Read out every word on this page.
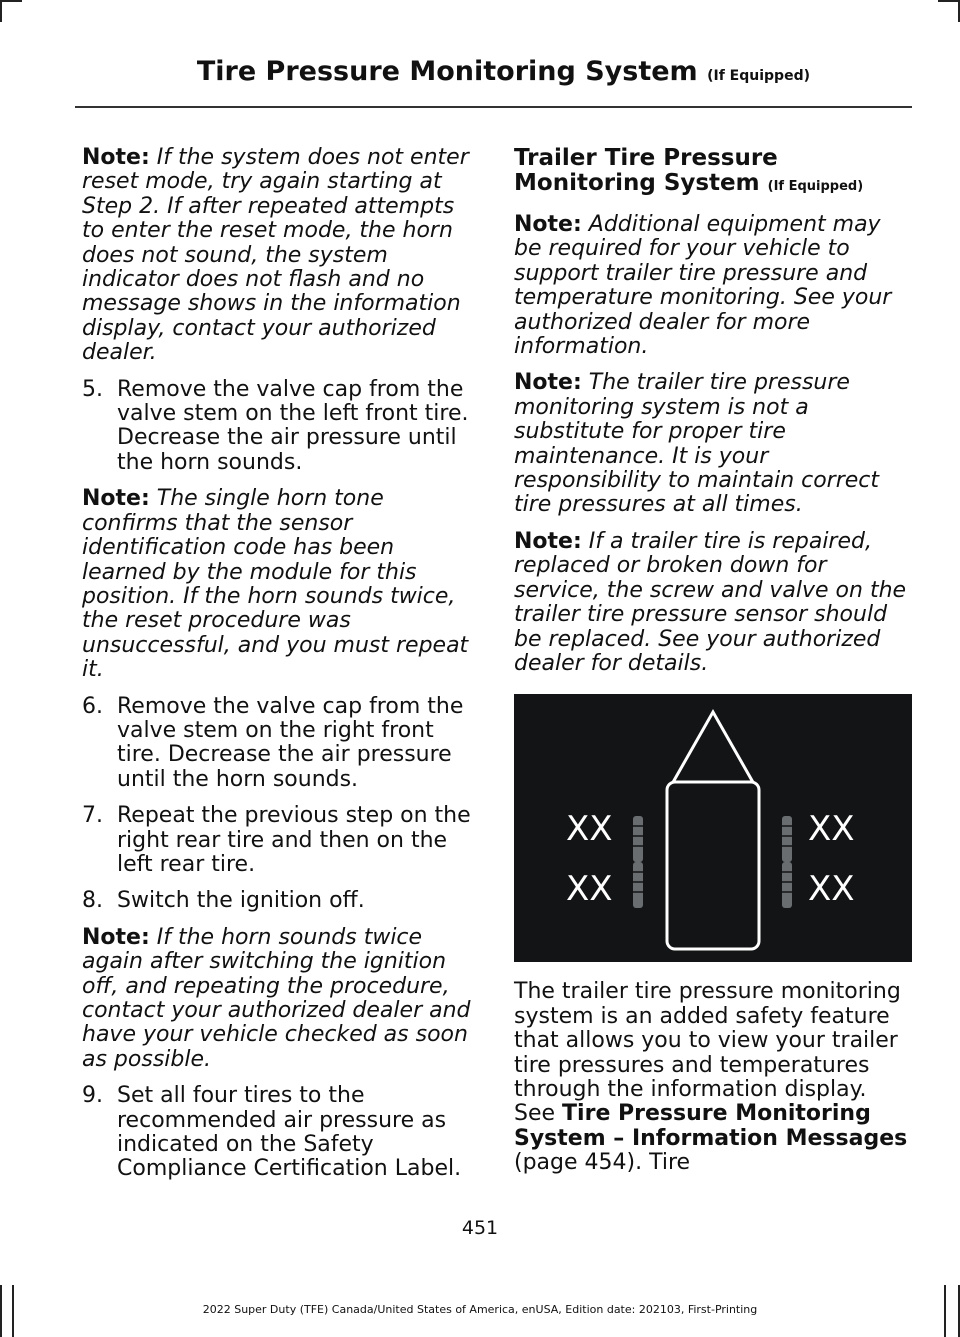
Tire Pressure Monitoring System (If Equipped)

Note: If the system does not enter reset mode, try again starting at Step 2. If after repeated attempts to enter the reset mode, the horn does not sound, the system indicator does not flash and no message shows in the information display, contact your authorized dealer.

5. Remove the valve cap from the valve stem on the left front tire. Decrease the air pressure until the horn sounds.

Note: The single horn tone confirms that the sensor identification code has been learned by the module for this position. If the horn sounds twice, the reset procedure was unsuccessful, and you must repeat it.

6. Remove the valve cap from the valve stem on the right front tire. Decrease the air pressure until the horn sounds.
7. Repeat the previous step on the right rear tire and then on the left rear tire.
8. Switch the ignition off.

Note: If the horn sounds twice again after switching the ignition off, and repeating the procedure, contact your authorized dealer and have your vehicle checked as soon as possible.

9. Set all four tires to the recommended air pressure as indicated on the Safety Compliance Certification Label.
Trailer Tire Pressure Monitoring System (If Equipped)

Note: Additional equipment may be required for your vehicle to support trailer tire pressure and temperature monitoring. See your authorized dealer for more information.

Note: The trailer tire pressure monitoring system is not a substitute for proper tire maintenance. It is your responsibility to maintain correct tire pressures at all times.

Note: If a trailer tire is repaired, replaced or broken down for service, the screw and valve on the trailer tire pressure sensor should be replaced. See your authorized dealer for details.

XX
XX
XX
XX

The trailer tire pressure monitoring system is an added safety feature that allows you to view your trailer tire pressures and temperatures through the information display. See Tire Pressure Monitoring System – Information Messages (page 454). Tire

451
2022 Super Duty (TFE) Canada/United States of America, enUSA, Edition date: 202103, First-Printing
